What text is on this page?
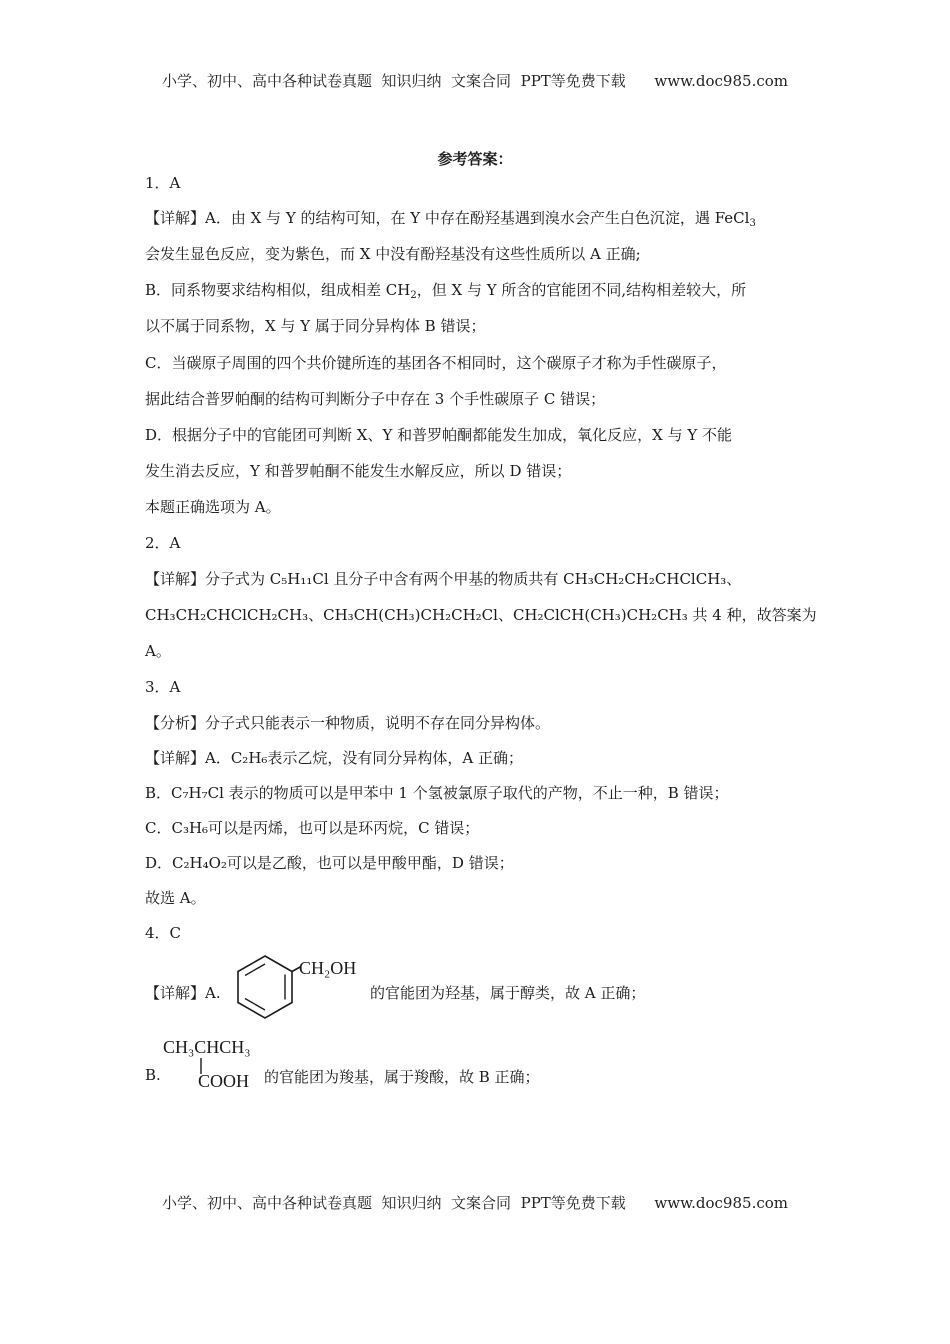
小学、初中、高中各种试卷真题  知识归纳  文案合同  PPT等免费下载      www.doc985.com
参考答案：
1．A
【详解】A．由 X 与 Y 的结构可知，在 Y 中存在酚羟基遇到溴水会产生白色沉淀，遇 FeCl$_3$
会发生显色反应，变为紫色，而 X 中没有酚羟基没有这些性质所以 A 正确;
B．同系物要求结构相似，组成相差 $CH_2$，但 X 与 Y 所含的官能团不同,结构相差较大，所
以不属于同系物，X 与 Y 属于同分异构体 B 错误；
C．当碳原子周围的四个共价键所连的基团各不相同时，这个碳原子才称为手性碳原子，
据此结合普罗帕酮的结构可判断分子中存在 3 个手性碳原子 C 错误；
D．根据分子中的官能团可判断 X、Y 和普罗帕酮都能发生加成，氧化反应，X 与 Y 不能
发生消去反应，Y 和普罗帕酮不能发生水解反应，所以 D 错误；
本题正确选项为 A。
2．A
【详解】分子式为 C₅H₁₁Cl 且分子中含有两个甲基的物质共有 CH₃CH₂CH₂CHClCH₃、
CH₃CH₂CHClCH₂CH₃、CH₃CH(CH₃)CH₂CH₂Cl、CH₂ClCH(CH₃)CH₂CH₃ 共 4 种，故答案为
A。
3．A
【分析】分子式只能表示一种物质，说明不存在同分异构体。
【详解】A．C₂H₆表示乙烷，没有同分异构体，A 正确；
B．C₇H₇Cl 表示的物质可以是甲苯中 1 个氢被氯原子取代的产物，不止一种，B 错误；
C．C₃H₆可以是丙烯，也可以是环丙烷，C 错误；
D．C₂H₄O₂可以是乙酸，也可以是甲酸甲酯，D 错误；
故选 A。
4．C
【详解】A.
CH₂OH
的官能团为羟基，属于醇类，故 A 正确；
B.
CH₃CHCH₃
COOH 的官能团为羧基，属于羧酸，故 B 正确；
小学、初中、高中各种试卷真题  知识归纳  文案合同  PPT等免费下载      www.doc985.com
